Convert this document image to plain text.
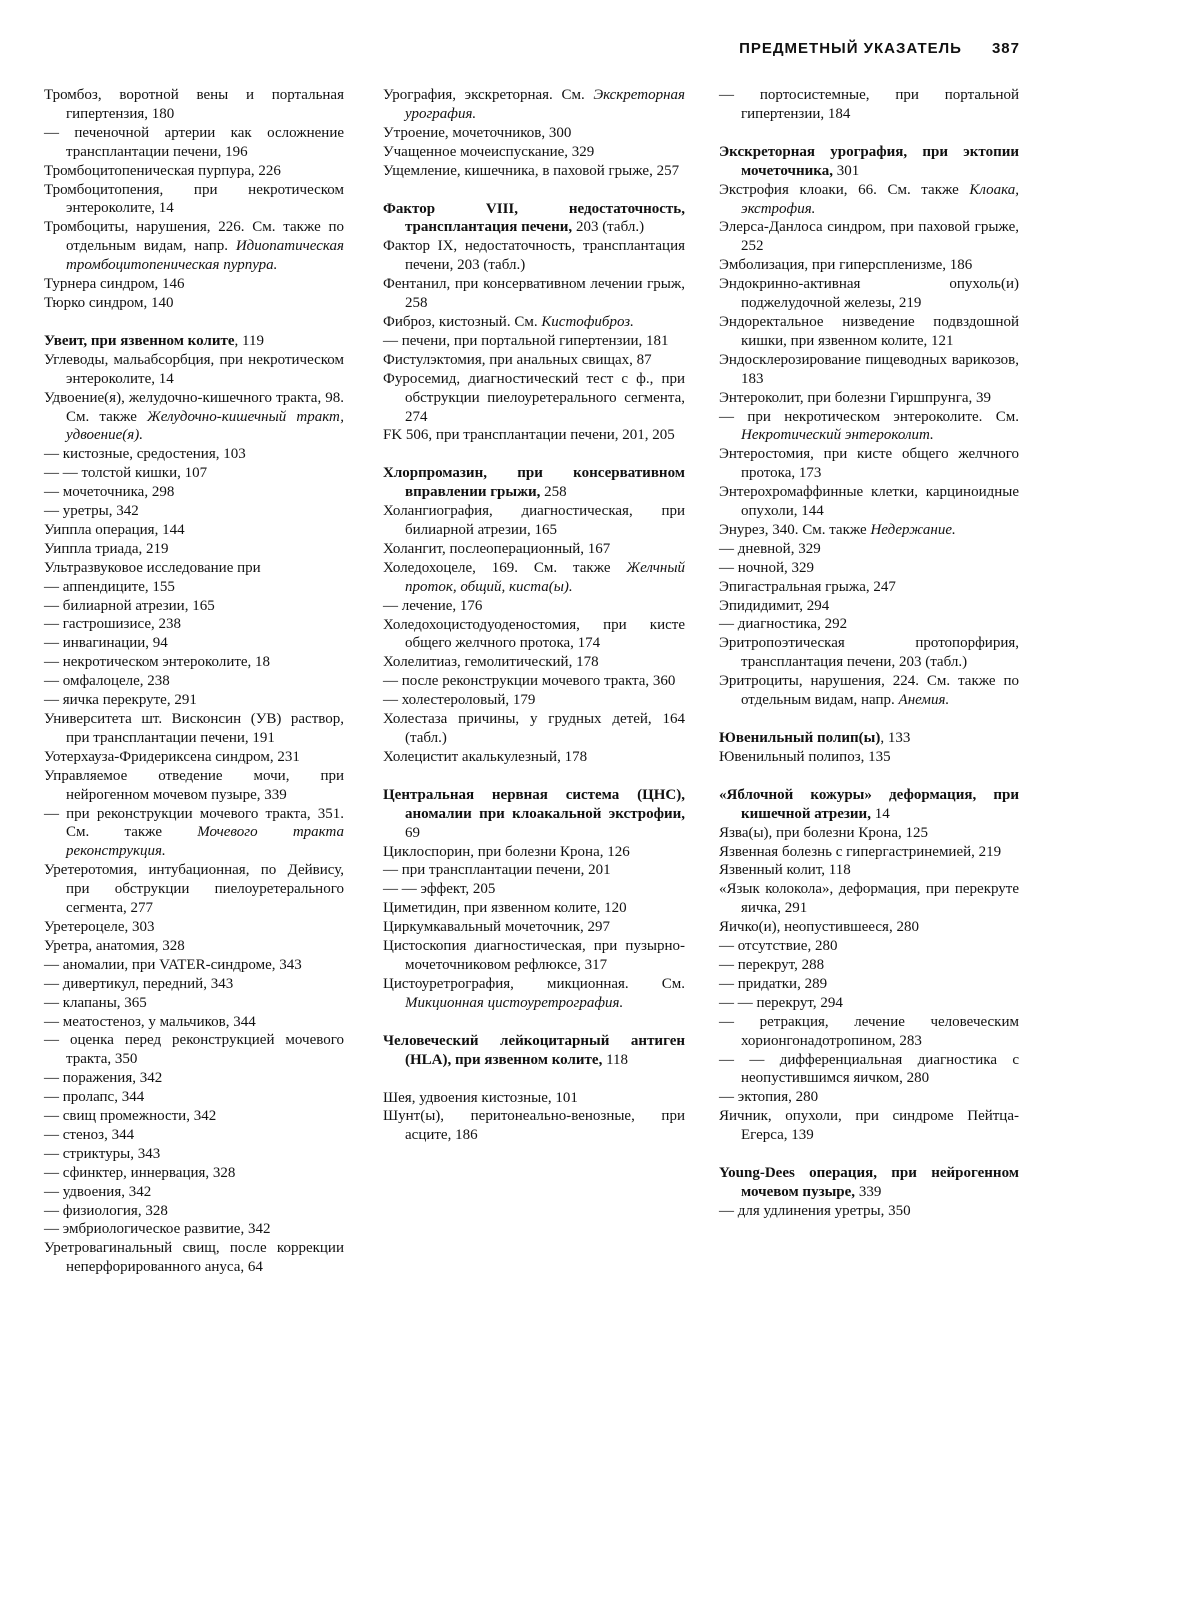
ПРЕДМЕТНЫЙ УКАЗАТЕЛЬ 387

Тромбоз, воротной вены и портальная гипертензия, 180

— печеночной артерии как осложнение трансплантации печени, 196

Тромбоцитопеническая пурпура, 226

Тромбоцитопения, при некротическом энтероколите, 14

Тромбоциты, нарушения, 226. См. также по отдельным видам, напр. Идиопатическая тромбоцитопеническая пурпура.

Турнера синдром, 146

Тюрко синдром, 140

Увеит, при язвенном колите, 119

Углеводы, мальабсорбция, при некротическом энтероколите, 14

Удвоение(я), желудочно-кишечного тракта, 98. См. также Желудочно-кишечный тракт, удвоение(я).

— кистозные, средостения, 103

— — толстой кишки, 107

— мочеточника, 298

— уретры, 342

Уиппла операция, 144

Уиппла триада, 219

Ультразвуковое исследование при

— аппендиците, 155

— билиарной атрезии, 165

— гастрошизисе, 238

— инвагинации, 94

— некротическом энтероколите, 18

— омфалоцеле, 238

— яичка перекруте, 291

Университета шт. Висконсин (УВ) раствор, при трансплантации печени, 191

Уотерхауза-Фридериксена синдром, 231

Управляемое отведение мочи, при нейрогенном мочевом пузыре, 339

— при реконструкции мочевого тракта, 351. См. также Мочевого тракта реконструкция.

Уретеротомия, интубационная, по Дейвису, при обструкции пиелоуретерального сегмента, 277

Уретероцеле, 303

Уретра, анатомия, 328

— аномалии, при VATER-синдроме, 343

— дивертикул, передний, 343

— клапаны, 365

— меатостеноз, у мальчиков, 344

— оценка перед реконструкцией мочевого тракта, 350

— поражения, 342

— пролапс, 344

— свищ промежности, 342

— стеноз, 344

— стриктуры, 343

— сфинктер, иннервация, 328

— удвоения, 342

— физиология, 328

— эмбриологическое развитие, 342

Уретровагинальный свищ, после коррекции неперфорированного ануса, 64

Урография, экскреторная. См. Экскреторная урография.

Утроение, мочеточников, 300

Учащенное мочеиспускание, 329

Ущемление, кишечника, в паховой грыже, 257

Фактор VIII, недостаточность, трансплантация печени, 203 (табл.)

Фактор IX, недостаточность, трансплантация печени, 203 (табл.)

Фентанил, при консервативном лечении грыж, 258

Фиброз, кистозный. См. Кистофиброз.

— печени, при портальной гипертензии, 181

Фистулэктомия, при анальных свищах, 87

Фуросемид, диагностический тест с ф., при обструкции пиелоуретерального сегмента, 274

FK 506, при трансплантации печени, 201, 205

Хлорпромазин, при консервативном вправлении грыжи, 258

Холангиография, диагностическая, при билиарной атрезии, 165

Холангит, послеоперационный, 167

Холедохоцеле, 169. См. также Желчный проток, общий, киста(ы).

— лечение, 176

Холедохоцистодуоденостомия, при кисте общего желчного протока, 174

Холелитиаз, гемолитический, 178

— после реконструкции мочевого тракта, 360

— холестероловый, 179

Холестаза причины, у грудных детей, 164 (табл.)

Холецистит акалькулезный, 178

Центральная нервная система (ЦНС), аномалии при клоакальной экстрофии, 69

Циклоспорин, при болезни Крона, 126

— при трансплантации печени, 201

— — эффект, 205

Циметидин, при язвенном колите, 120

Циркумкавальный мочеточник, 297

Цистоскопия диагностическая, при пузырно-мочеточниковом рефлюксе, 317

Цистоуретрография, микционная. См. Микционная цистоуретрография.

Человеческий лейкоцитарный антиген (HLA), при язвенном колите, 118

Шея, удвоения кистозные, 101

Шунт(ы), перитонеально-венозные, при асците, 186

— портосистемные, при портальной гипертензии, 184

Экскреторная урография, при эктопии мочеточника, 301

Экстрофия клоаки, 66. См. также Клоака, экстрофия.

Элерса-Данлоса синдром, при паховой грыже, 252

Эмболизация, при гиперспленизме, 186

Эндокринно-активная опухоль(и) поджелудочной железы, 219

Эндоректальное низведение подвздошной кишки, при язвенном колите, 121

Эндосклерозирование пищеводных варикозов, 183

Энтероколит, при болезни Гиршпрунга, 39

— при некротическом энтероколите. См. Некротический энтероколит.

Энтеростомия, при кисте общего желчного протока, 173

Энтерохромаффинные клетки, карциноидные опухоли, 144

Энурез, 340. См. также Недержание.

— дневной, 329

— ночной, 329

Эпигастральная грыжа, 247

Эпидидимит, 294

— диагностика, 292

Эритропоэтическая протопорфирия, трансплантация печени, 203 (табл.)

Эритроциты, нарушения, 224. См. также по отдельным видам, напр. Анемия.

Ювенильный полип(ы), 133

Ювенильный полипоз, 135

«Яблочной кожуры» деформация, при кишечной атрезии, 14

Язва(ы), при болезни Крона, 125

Язвенная болезнь с гипергастринемией, 219

Язвенный колит, 118

«Язык колокола», деформация, при перекруте яичка, 291

Яичко(и), неопустившееся, 280

— отсутствие, 280

— перекрут, 288

— придатки, 289

— — перекрут, 294

— ретракция, лечение человеческим хорионгонадотропином, 283

— — дифференциальная диагностика с неопустившимся яичком, 280

— эктопия, 280

Яичник, опухоли, при синдроме Пейтца-Егерса, 139

Young-Dees операция, при нейрогенном мочевом пузыре, 339

— для удлинения уретры, 350
